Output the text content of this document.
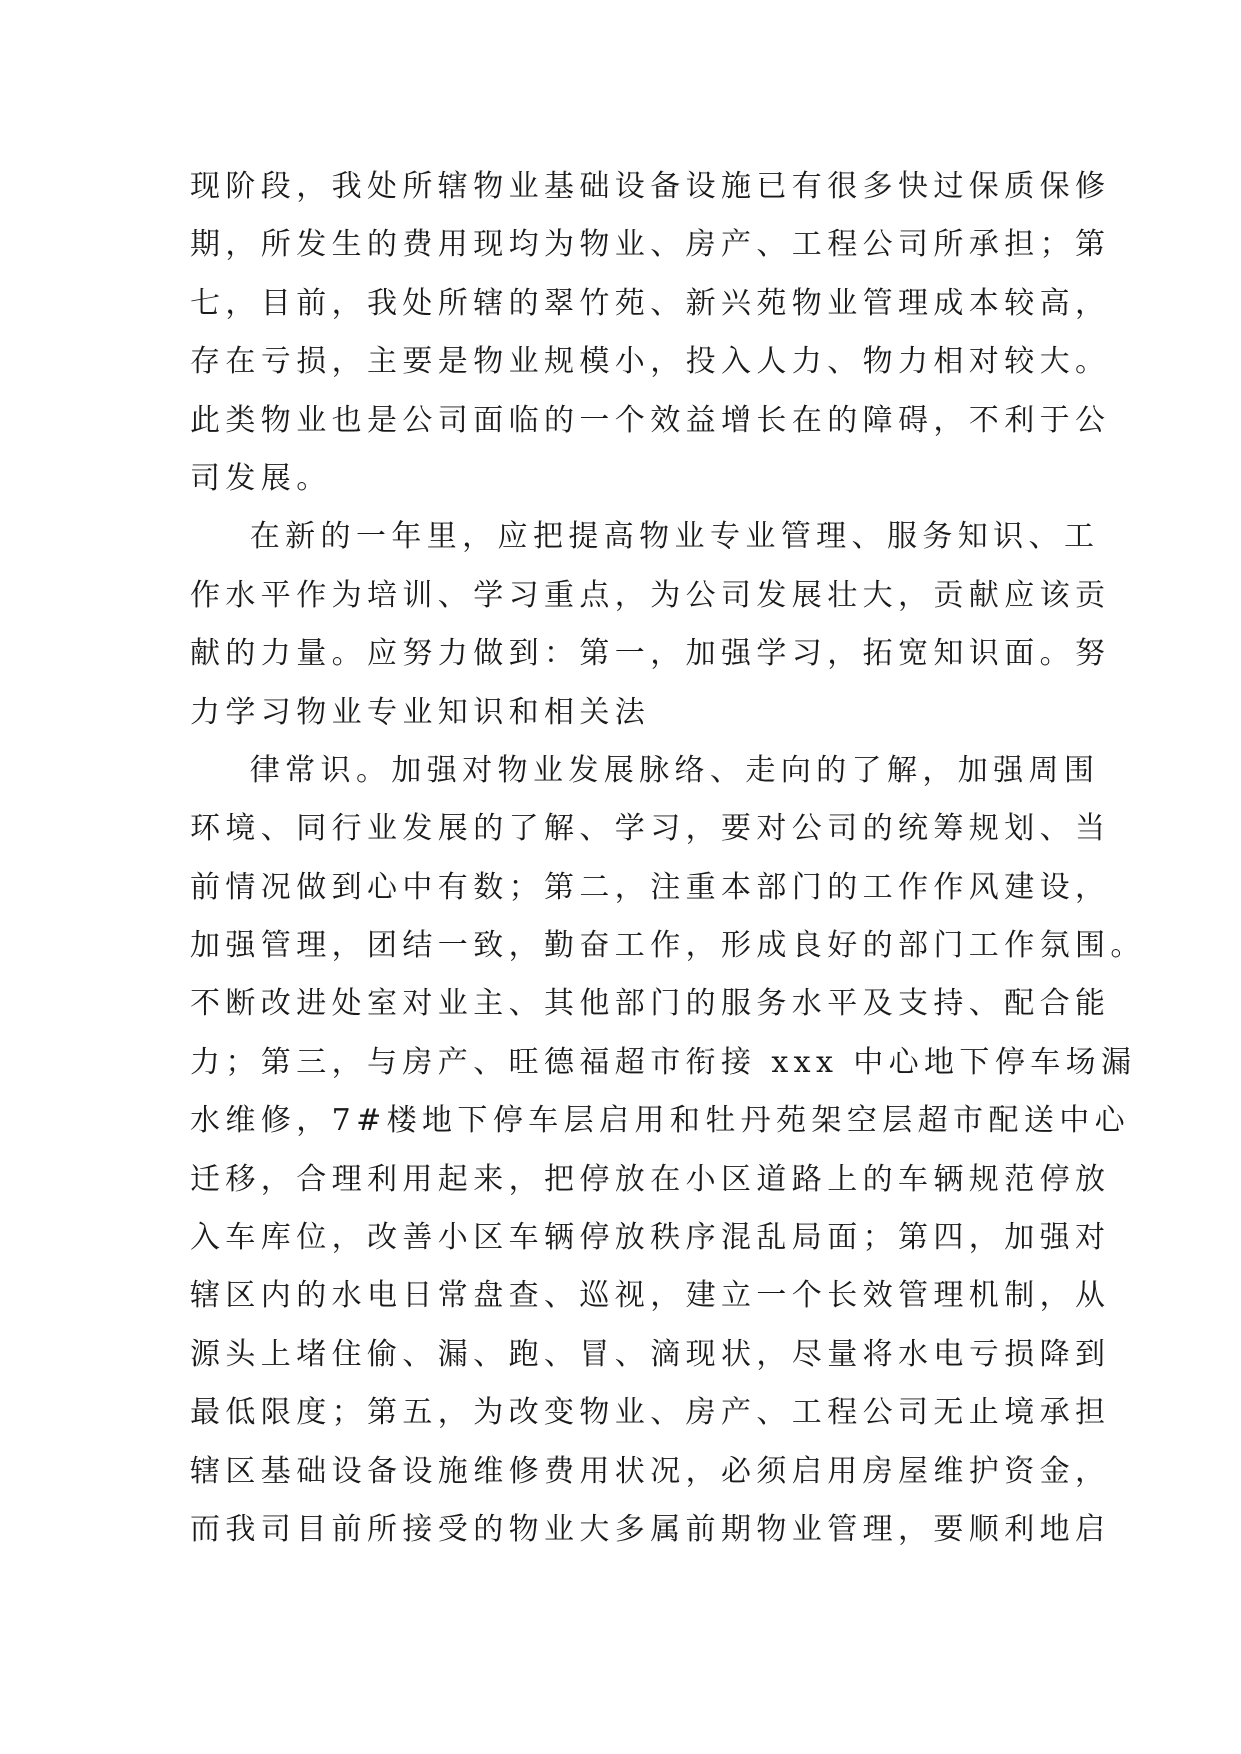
现阶段，我处所辖物业基础设备设施已有很多快过保质保修
期，所发生的费用现均为物业、房产、工程公司所承担；第
七，目前，我处所辖的翠竹苑、新兴苑物业管理成本较高，
存在亏损，主要是物业规模小，投入人力、物力相对较大。
此类物业也是公司面临的一个效益增长在的障碍，不利于公
司发展。
在新的一年里，应把提高物业专业管理、服务知识、工
作水平作为培训、学习重点，为公司发展壮大，贡献应该贡
献的力量。应努力做到：第一，加强学习，拓宽知识面。努
力学习物业专业知识和相关法
律常识。加强对物业发展脉络、走向的了解，加强周围
环境、同行业发展的了解、学习，要对公司的统筹规划、当
前情况做到心中有数；第二，注重本部门的工作作风建设，
加强管理，团结一致，勤奋工作，形成良好的部门工作氛围。
不断改进处室对业主、其他部门的服务水平及支持、配合能
力；第三，与房产、旺德福超市衔接 xxx 中心地下停车场漏
水维修，7#楼地下停车层启用和牡丹苑架空层超市配送中心
迁移，合理利用起来，把停放在小区道路上的车辆规范停放
入车库位，改善小区车辆停放秩序混乱局面；第四，加强对
辖区内的水电日常盘查、巡视，建立一个长效管理机制，从
源头上堵住偷、漏、跑、冒、滴现状，尽量将水电亏损降到
最低限度；第五，为改变物业、房产、工程公司无止境承担
辖区基础设备设施维修费用状况，必须启用房屋维护资金，
而我司目前所接受的物业大多属前期物业管理，要顺利地启
